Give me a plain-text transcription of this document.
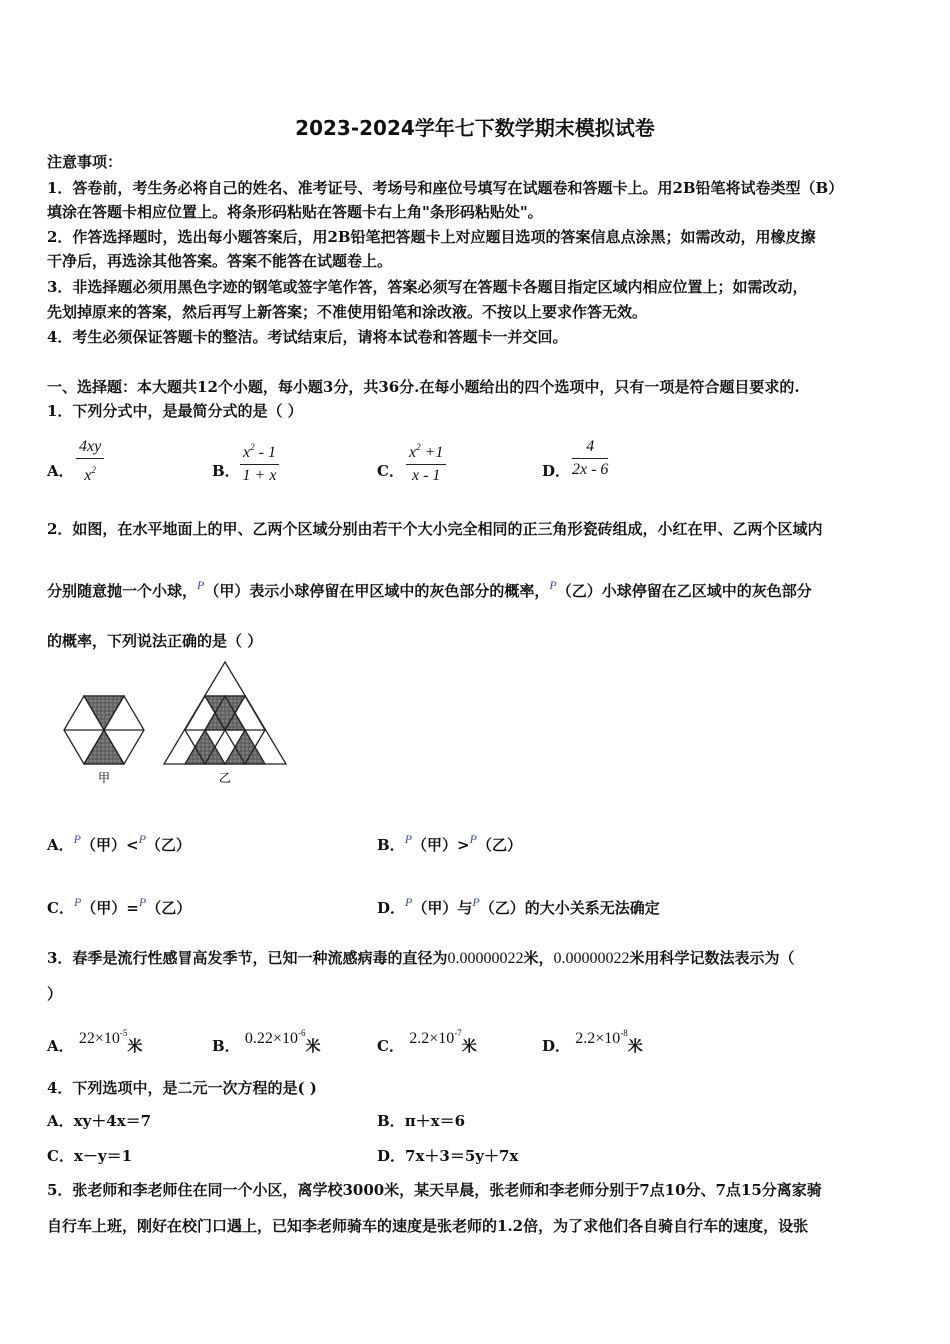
2023-2024学年七下数学期末模拟试卷
注意事项：
1．答卷前，考生务必将自己的姓名、准考证号、考场号和座位号填写在试题卷和答题卡上。用2B铅笔将试卷类型（B）
填涂在答题卡相应位置上。将条形码粘贴在答题卡右上角"条形码粘贴处"。
2．作答选择题时，选出每小题答案后，用2B铅笔把答题卡上对应题目选项的答案信息点涂黑；如需改动，用橡皮擦
干净后，再选涂其他答案。答案不能答在试题卷上。
3．非选择题必须用黑色字迹的钢笔或签字笔作答，答案必须写在答题卡各题目指定区域内相应位置上；如需改动，
先划掉原来的答案，然后再写上新答案；不准使用铅笔和涂改液。不按以上要求作答无效。
4．考生必须保证答题卡的整洁。考试结束后，请将本试卷和答题卡一并交回。
一、选择题：本大题共12个小题，每小题3分，共36分.在每小题给出的四个选项中，只有一项是符合题目要求的.
1．下列分式中，是最简分式的是（ ）
A． $\frac{4xy}{x^2}$	B． $\frac{x^2 - 1}{1 + x}$	C． $\frac{x^2 +1}{x - 1}$	D． $\frac{4}{2x - 6}$
2．如图，在水平地面上的甲、乙两个区域分别由若干个大小完全相同的正三角形瓷砖组成，小红在甲、乙两个区域内
分别随意抛一个小球，$^P$（甲）表示小球停留在甲区域中的灰色部分的概率，$^P$（乙）小球停留在乙区域中的灰色部分
的概率，下列说法正确的是（ ）
甲	乙
A．$^P$（甲）<$^P$（乙）	B．$^P$（甲）>$^P$（乙）
C．$^P$（甲）=$^P$（乙）	D．$^P$（甲）与$^P$（乙）的大小关系无法确定
3．春季是流行性感冒高发季节，已知一种流感病毒的直径为0.00000022米，0.00000022米用科学记数法表示为（
）
A． $22\times 10^{-5}$米	B． $0.22\times 10^{-6}$米	C． $2.2\times 10^{-7}$米	D． $2.2\times 10^{-8}$米
4．下列选项中，是二元一次方程的是( )
A．xy＋4x＝7	B．π＋x＝6
C．x－y＝1	D．7x＋3＝5y＋7x
5．张老师和李老师住在同一个小区，离学校3000米，某天早晨，张老师和李老师分别于7点10分、7点15分离家骑
自行车上班，刚好在校门口遇上，已知李老师骑车的速度是张老师的1.2倍，为了求他们各自骑自行车的速度，设张
